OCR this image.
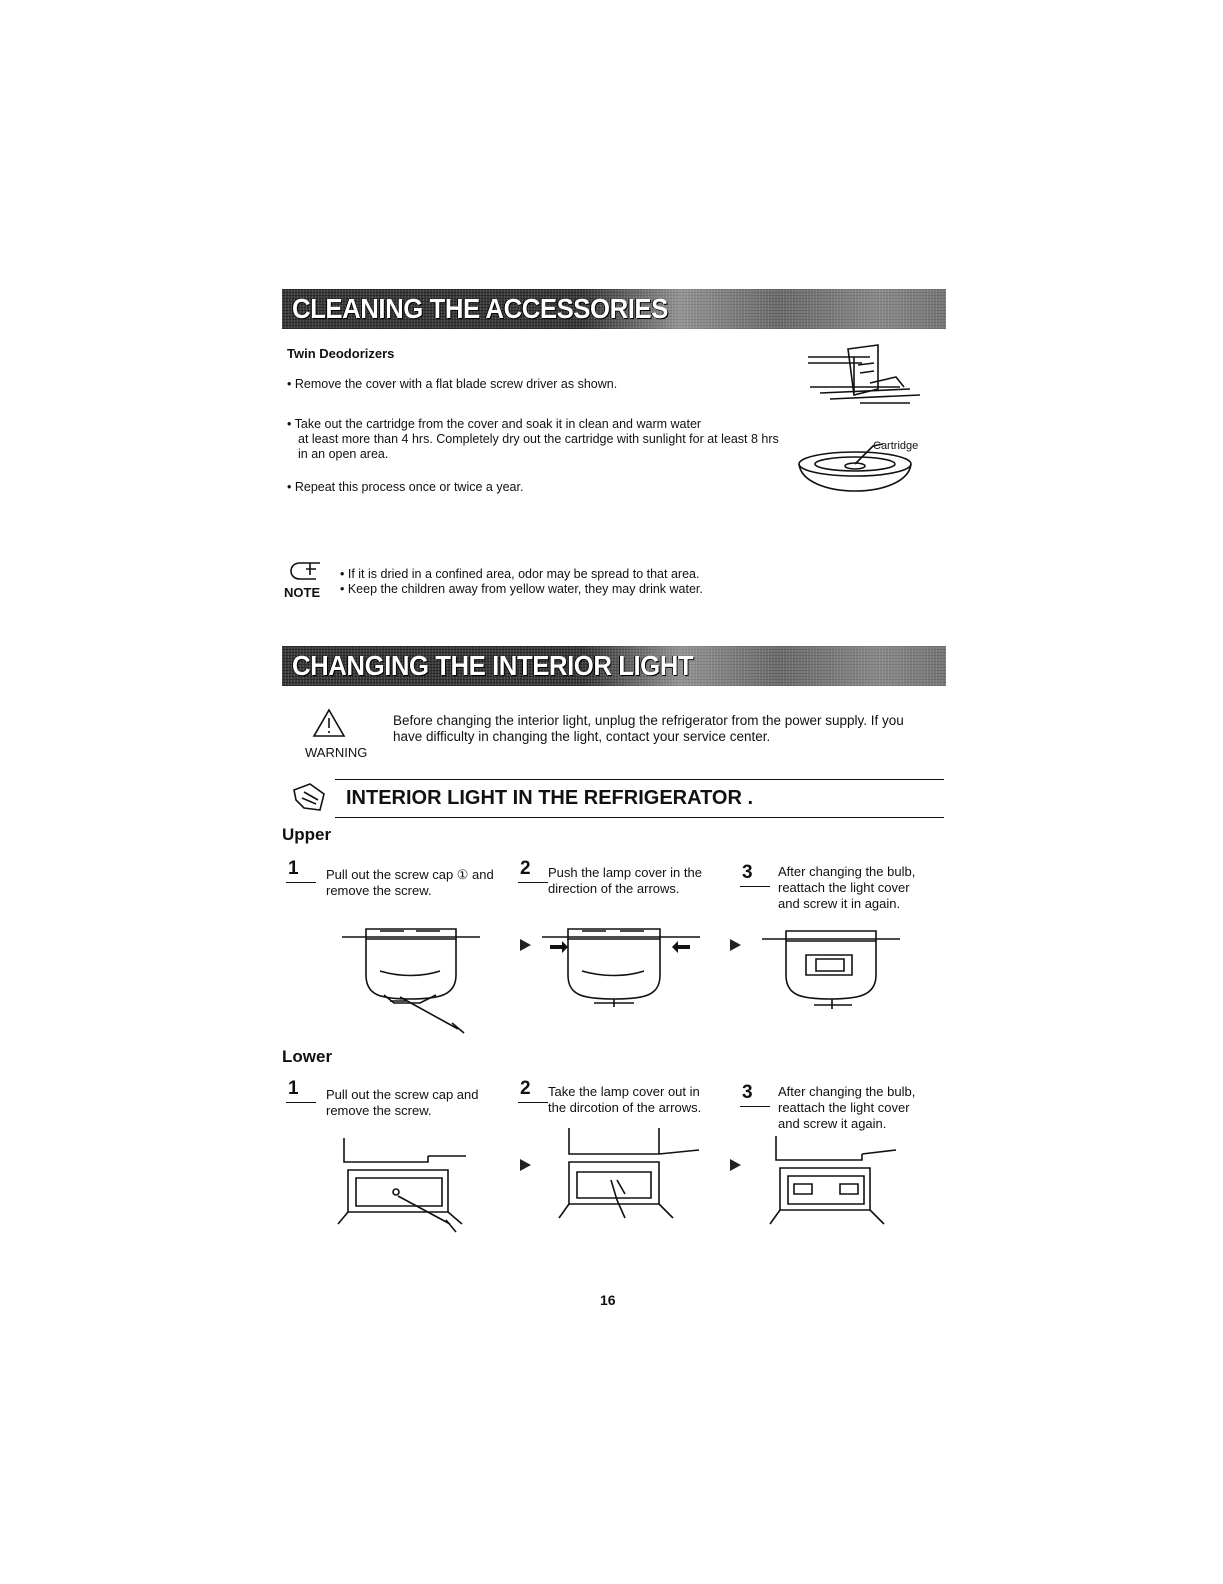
CLEANING THE ACCESSORIES
Twin Deodorizers
• Remove the cover with a flat blade screw driver as shown.
• Take out the cartridge from the cover and soak it in clean and warm water
at least more than 4 hrs. Completely dry out the cartridge with sunlight for at least 8 hrs
in an open area.
• Repeat this process once or twice a year.
Cartridge
NOTE
• If it is dried in a confined area, odor may be spread to that area.
• Keep the children away from yellow water, they may drink water.
CHANGING THE INTERIOR LIGHT
WARNING
Before changing the interior light, unplug the refrigerator from the power supply. If you
have difficulty in changing the light, contact your service center.
INTERIOR LIGHT IN THE REFRIGERATOR .
Upper
1 Pull out the screw cap ① and
remove the screw.
2 Push the lamp cover in the
direction of the arrows.
3 After changing the bulb,
reattach the light cover
and screw it in again.
Lower
1 Pull out the screw cap and
remove the screw.
2 Take the lamp cover out in
the dircotion of the arrows.
3 After changing the bulb,
reattach the light cover
and screw it again.
16
